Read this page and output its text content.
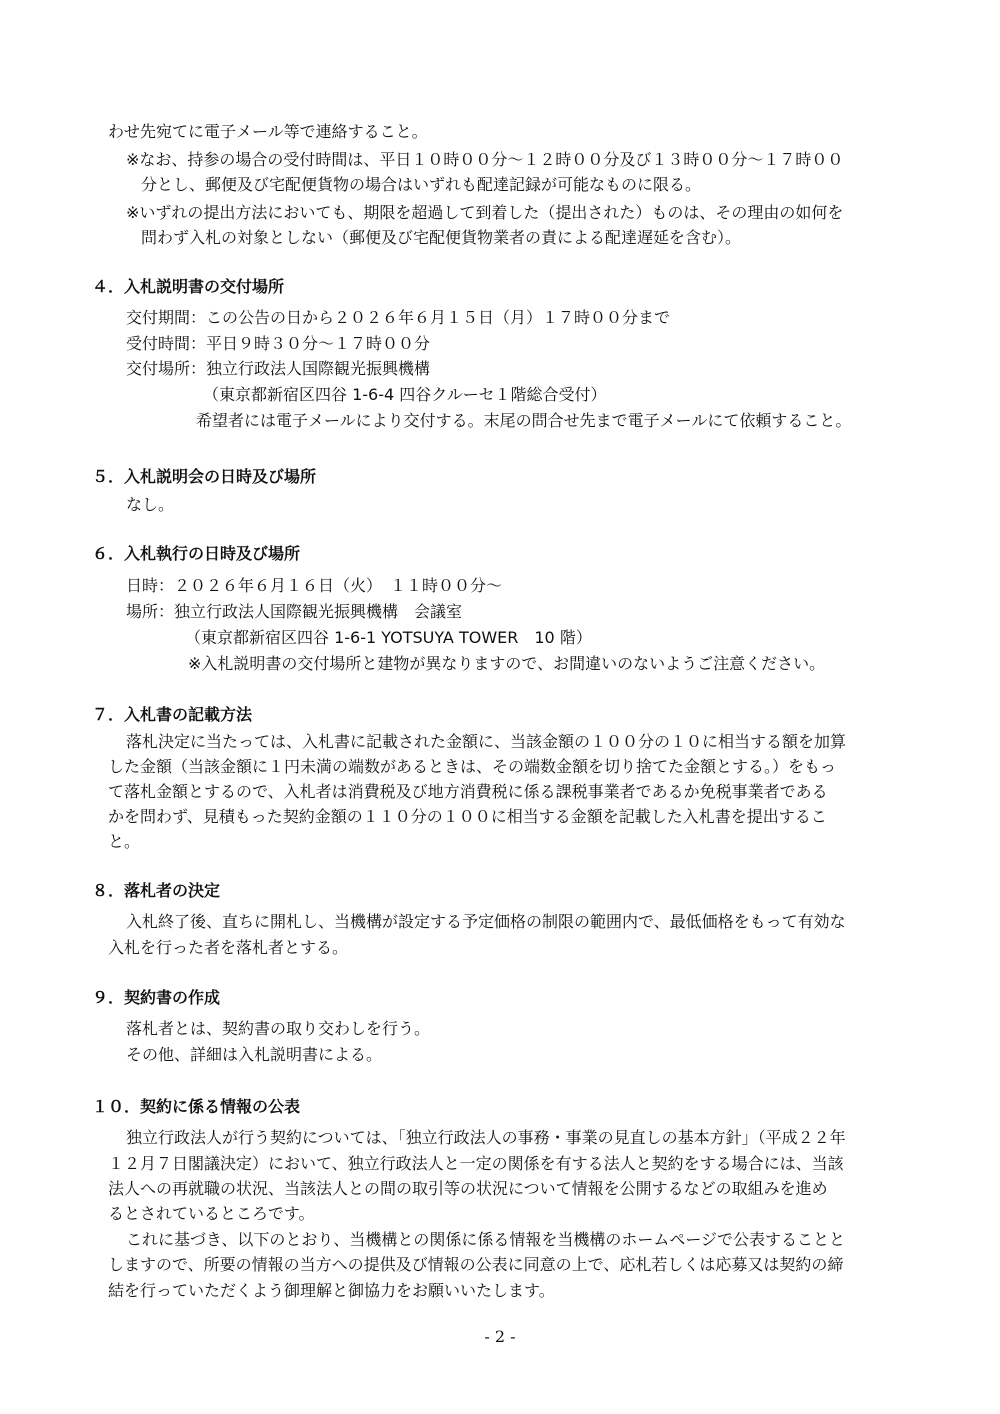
わせ先宛てに電子メール等で連絡すること。
※なお、持参の場合の受付時間は、平日１０時００分～１２時００分及び１３時００分～１７時００
分とし、郵便及び宅配便貨物の場合はいずれも配達記録が可能なものに限る。
※いずれの提出方法においても、期限を超過して到着した（提出された）ものは、その理由の如何を
問わず入札の対象としない（郵便及び宅配便貨物業者の責による配達遅延を含む）。
４．入札説明書の交付場所
交付期間：この公告の日から２０２６年６月１５日（月）１７時００分まで
受付時間：平日９時３０分～１７時００分
交付場所：独立行政法人国際観光振興機構
（東京都新宿区四谷 1-6-4 四谷クルーセ１階総合受付）
希望者には電子メールにより交付する。末尾の問合せ先まで電子メールにて依頼すること。
５．入札説明会の日時及び場所
なし。
６．入札執行の日時及び場所
日時：２０２６年６月１６日（火）　１１時００分～
場所：独立行政法人国際観光振興機構　会議室
（東京都新宿区四谷 1-6-1 YOTSUYA TOWER　10 階）
※入札説明書の交付場所と建物が異なりますので、お間違いのないようご注意ください。
７．入札書の記載方法
落札決定に当たっては、入札書に記載された金額に、当該金額の１００分の１０に相当する額を加算
した金額（当該金額に１円未満の端数があるときは、その端数金額を切り捨てた金額とする。）をもっ
て落札金額とするので、入札者は消費税及び地方消費税に係る課税事業者であるか免税事業者である
かを問わず、見積もった契約金額の１１０分の１００に相当する金額を記載した入札書を提出するこ
と。
８．落札者の決定
入札終了後、直ちに開札し、当機構が設定する予定価格の制限の範囲内で、最低価格をもって有効な
入札を行った者を落札者とする。
９．契約書の作成
落札者とは、契約書の取り交わしを行う。
その他、詳細は入札説明書による。
１０．契約に係る情報の公表
独立行政法人が行う契約については、「独立行政法人の事務・事業の見直しの基本方針」（平成２２年
１２月７日閣議決定）において、独立行政法人と一定の関係を有する法人と契約をする場合には、当該
法人への再就職の状況、当該法人との間の取引等の状況について情報を公開するなどの取組みを進め
るとされているところです。
これに基づき、以下のとおり、当機構との関係に係る情報を当機構のホームページで公表することと
しますので、所要の情報の当方への提供及び情報の公表に同意の上で、応札若しくは応募又は契約の締
結を行っていただくよう御理解と御協力をお願いいたします。
- 2 -
